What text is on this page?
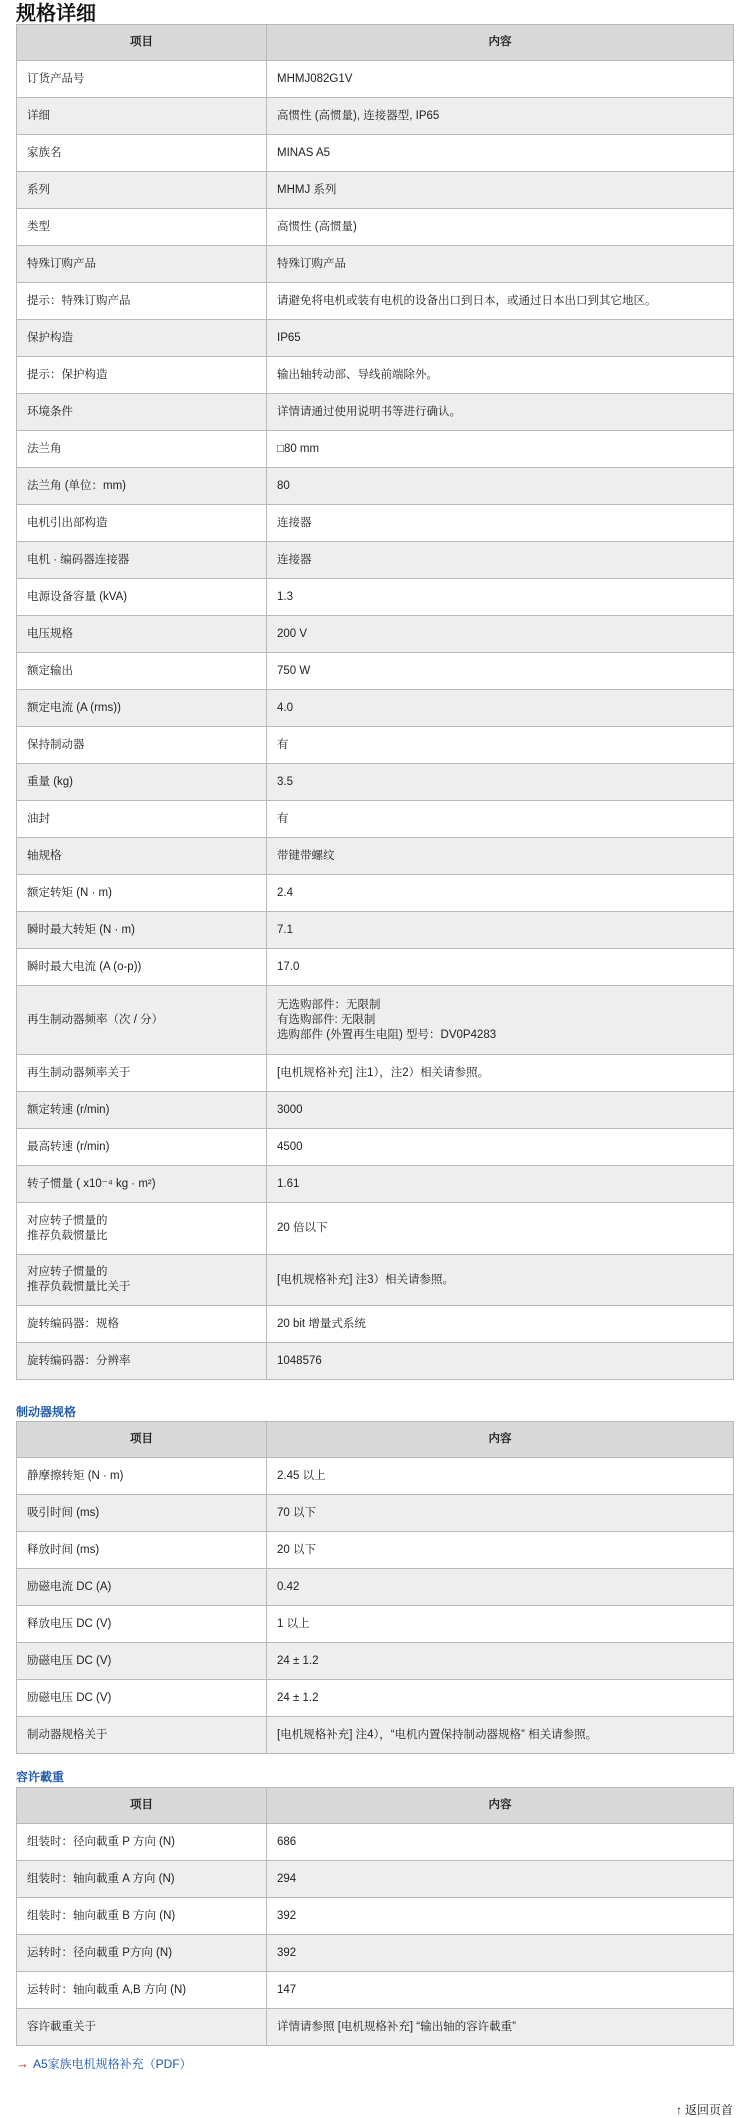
规格详细
项目	内容
订货产品号	MHMJ082G1V
详细	高惯性 (高惯量), 连接器型, IP65
家族名	MINAS A5
系列	MHMJ 系列
类型	高惯性 (高惯量)
特殊订购产品	特殊订购产品
提示：特殊订购产品	请避免将电机或装有电机的设备出口到日本，或通过日本出口到其它地区。
保护构造	IP65
提示：保护构造	输出轴转动部、导线前端除外。
环境条件	详情请通过使用说明书等进行确认。
法兰角	□80 mm
法兰角 (单位：mm)	80
电机引出部构造	连接器
电机 · 编码器连接器	连接器
电源设备容量 (kVA)	1.3
电压规格	200 V
额定输出	750 W
额定电流 (A (rms))	4.0
保持制动器	有
重量 (kg)	3.5
油封	有
轴规格	带键带螺纹
额定转矩 (N · m)	2.4
瞬时最大转矩 (N · m)	7.1
瞬时最大电流 (A (o-p))	17.0
再生制动器频率（次 / 分）	无选购部件：无限制
有选购部件: 无限制
选购部件 (外置再生电阻) 型号：DV0P4283
再生制动器频率关于	[电机规格补充] 注1），注2）相关请参照。
额定转速 (r/min)	3000
最高转速 (r/min)	4500
转子惯量 ( x10⁻⁴ kg · m²)	1.61
对应转子惯量的
推荐负载惯量比	20 倍以下
对应转子惯量的
推荐负载惯量比关于	[电机规格补充] 注3）相关请参照。
旋转编码器：规格	20 bit 增量式系统
旋转编码器：分辨率	1048576
制动器规格
项目	内容
静摩擦转矩 (N · m)	2.45 以上
吸引时间 (ms)	70 以下
释放时间 (ms)	20 以下
励磁电流 DC (A)	0.42
释放电压 DC (V)	1 以上
励磁电压 DC (V)	24 ± 1.2
励磁电压 DC (V)	24 ± 1.2
制动器规格关于	[电机规格补充] 注4），“电机内置保持制动器规格” 相关请参照。
容许載重
项目	内容
组装时：径向載重 P 方向 (N)	686
组装时：轴向載重 A 方向 (N)	294
组装时：轴向載重 B 方向 (N)	392
运转时：径向載重 P方向 (N)	392
运转时：轴向載重 A,B 方向 (N)	147
容许載重关于	详情请参照 [电机规格补充] “输出轴的容许載重”
→ A5家族电机规格补充（PDF）
↑ 返回页首
